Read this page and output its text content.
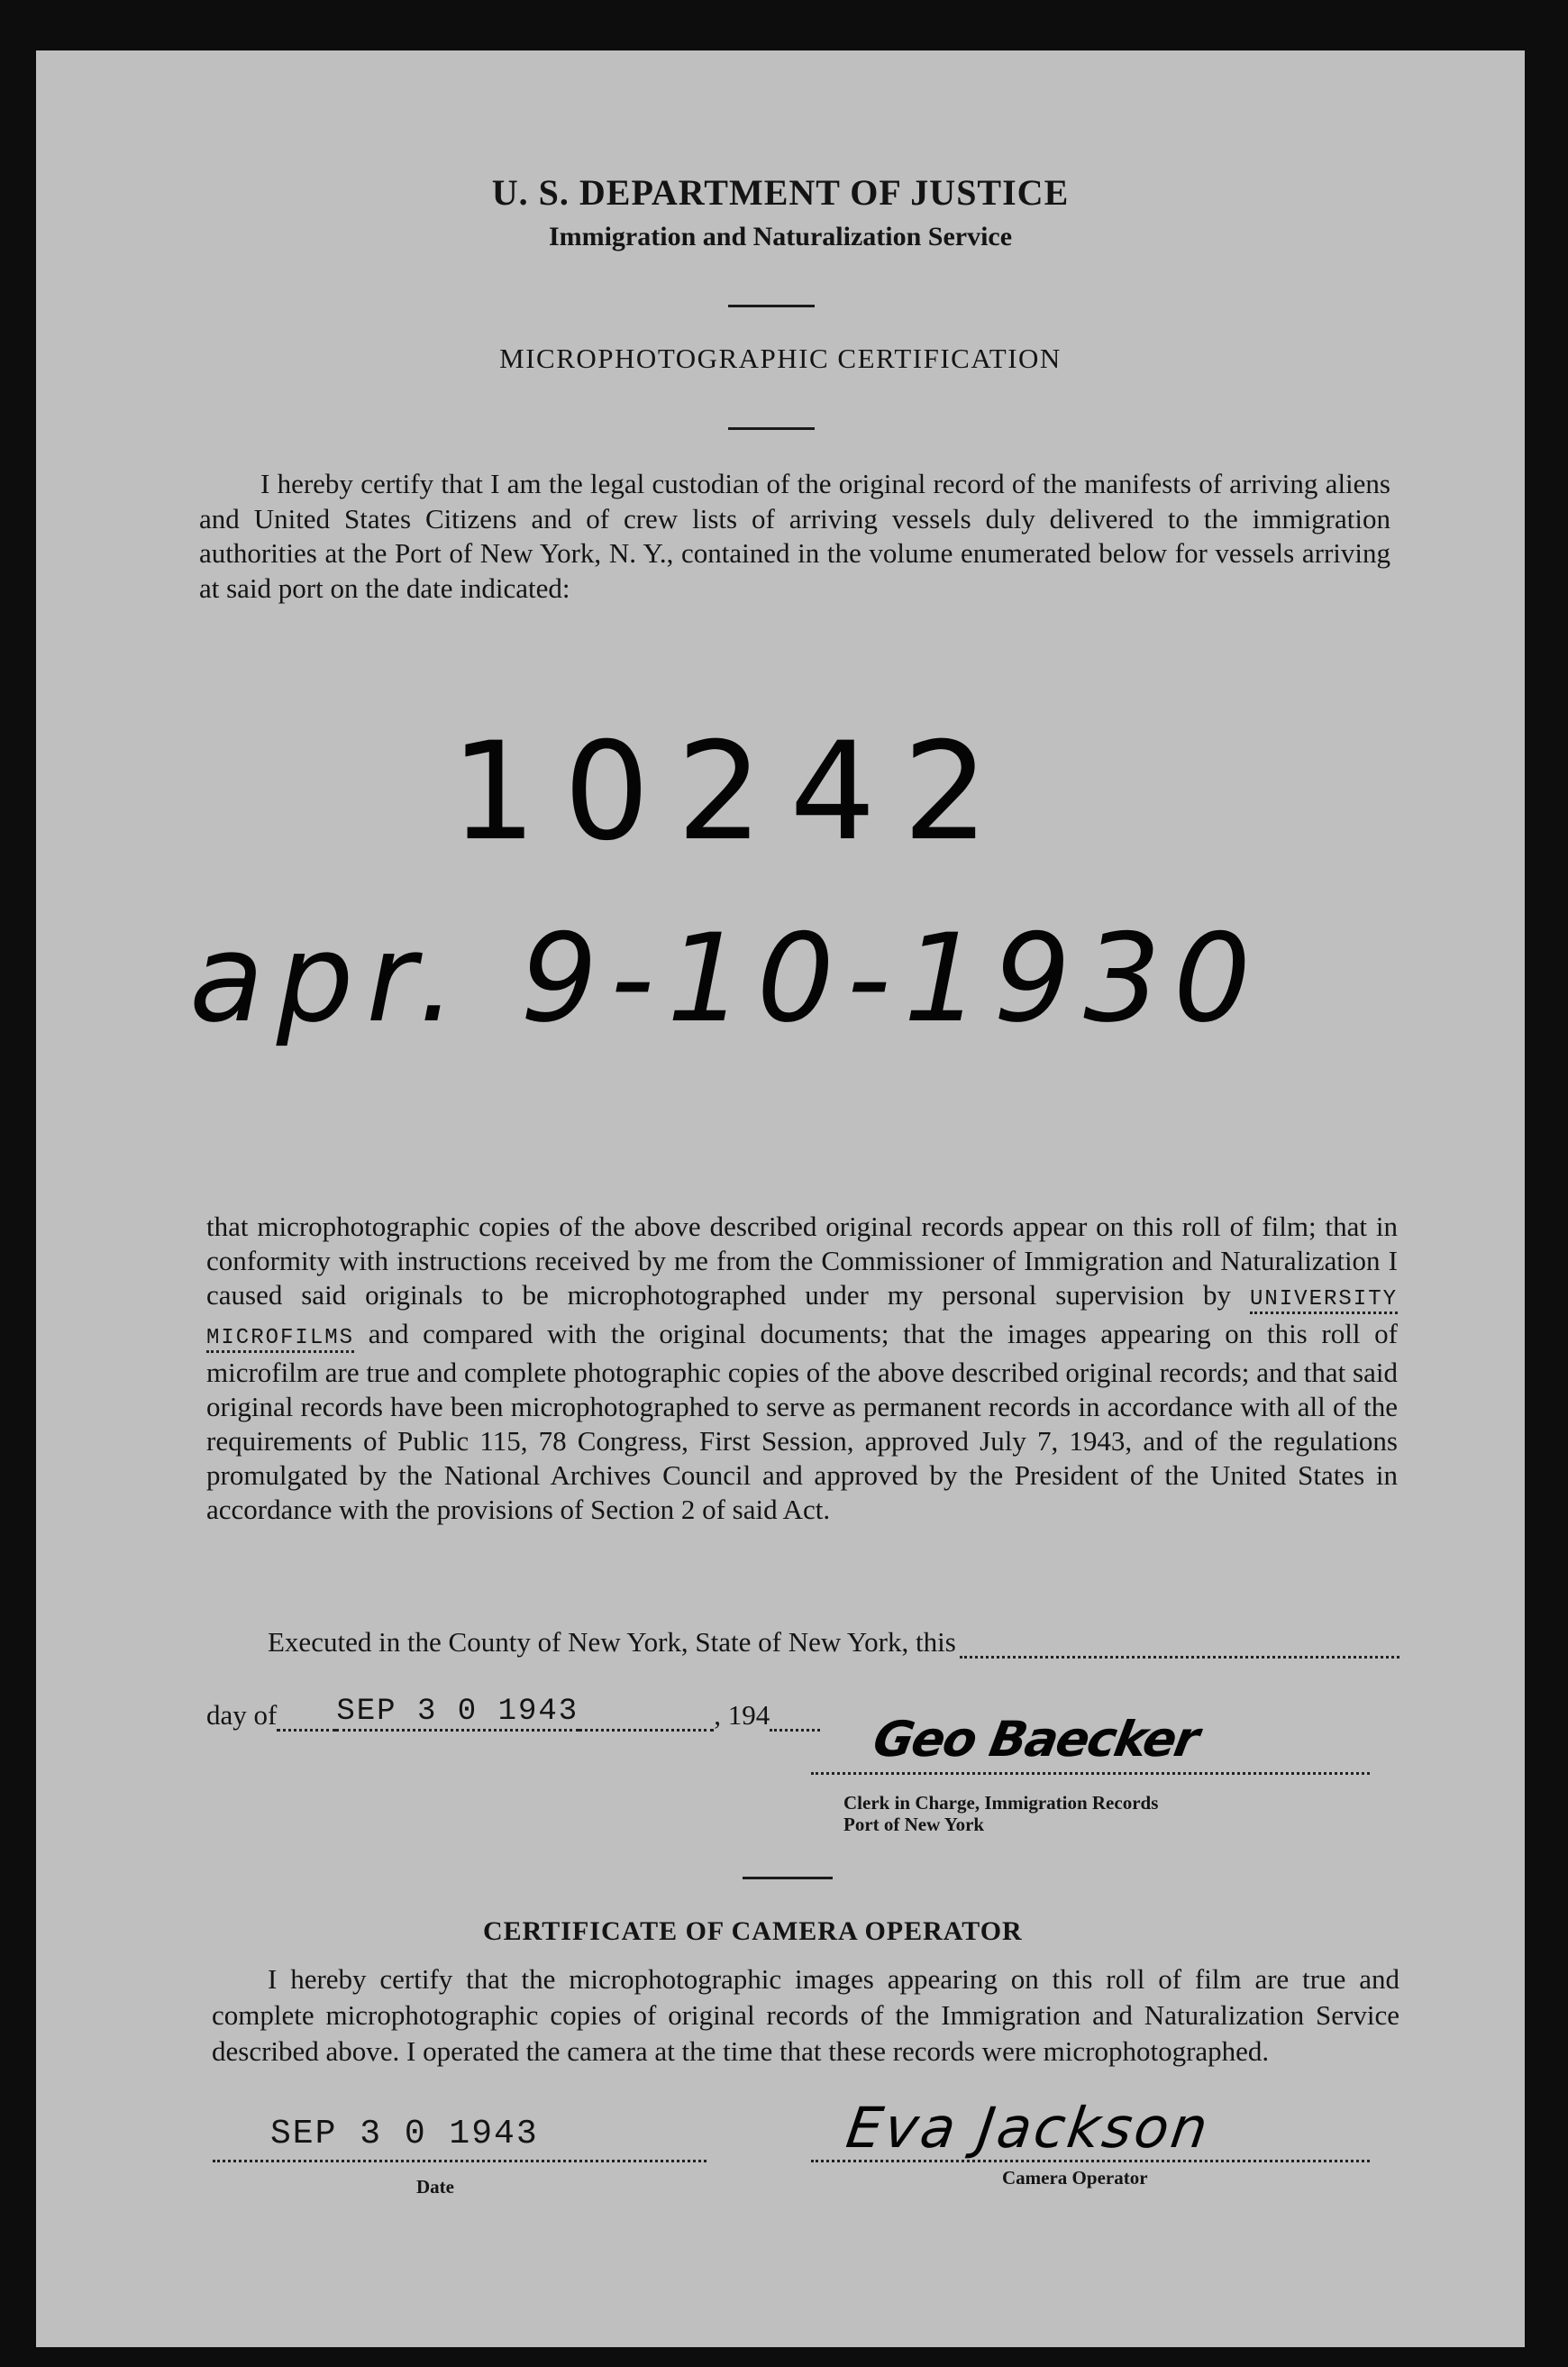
U. S. DEPARTMENT OF JUSTICE
Immigration and Naturalization Service
MICROPHOTOGRAPHIC CERTIFICATION
I hereby certify that I am the legal custodian of the original record of the manifests of arriving aliens and United States Citizens and of crew lists of arriving vessels duly delivered to the immigration authorities at the Port of New York, N. Y., contained in the volume enumerated below for vessels arriving at said port on the date indicated:
10242
apr. 9-10-1930
that microphotographic copies of the above described original records appear on this roll of film; that in conformity with instructions received by me from the Commissioner of Immigration and Naturalization I caused said originals to be microphotographed under my personal supervision by UNIVERSITY MICROFILMS and compared with the original documents; that the images appearing on this roll of microfilm are true and complete photographic copies of the above described original records; and that said original records have been microphotographed to serve as permanent records in accordance with all of the requirements of Public 115, 78 Congress, First Session, approved July 7, 1943, and of the regulations promulgated by the National Archives Council and approved by the President of the United States in accordance with the provisions of Section 2 of said Act.
Executed in the County of New York, State of New York, this
day of SEP 3 0 1943	, 194 Geo Baecker
Clerk in Charge, Immigration Records
Port of New York
CERTIFICATE OF CAMERA OPERATOR
I hereby certify that the microphotographic images appearing on this roll of film are true and complete microphotographic copies of original records of the Immigration and Naturalization Service described above. I operated the camera at the time that these records were microphotographed.
SEP 3 0 1943
Date
Eva Jackson
Camera Operator
